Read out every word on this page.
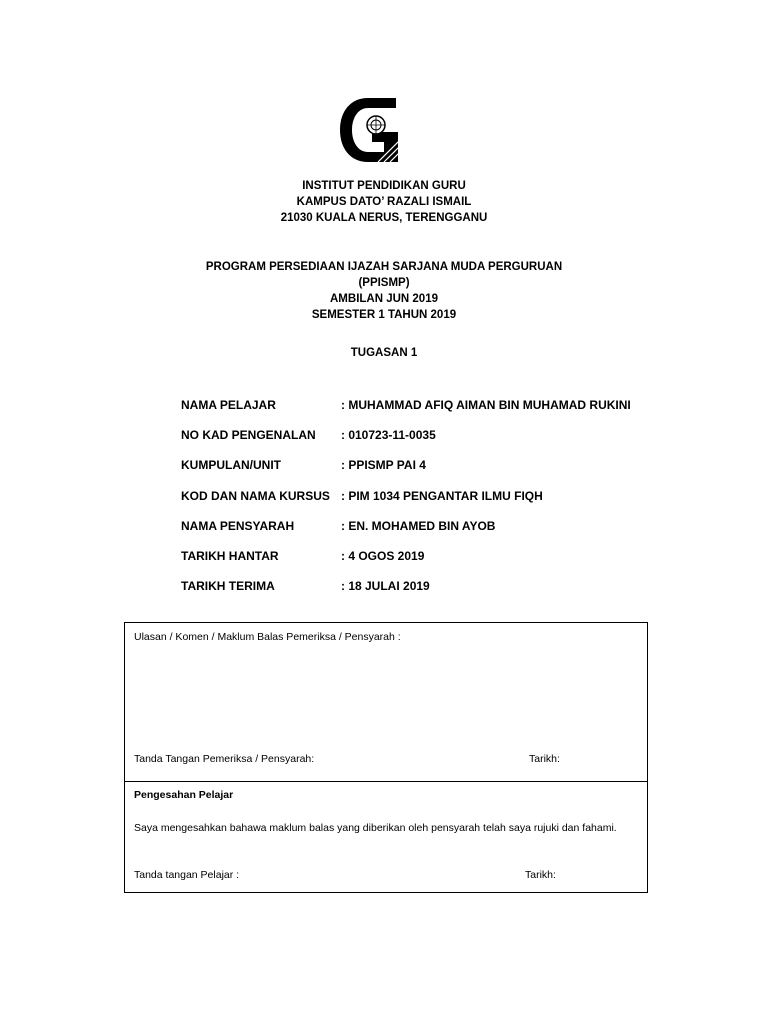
INSTITUT PENDIDIKAN GURU
KAMPUS DATO’ RAZALI ISMAIL
21030 KUALA NERUS, TERENGGANU
PROGRAM PERSEDIAAN IJAZAH SARJANA MUDA PERGURUAN
(PPISMP)
AMBILAN JUN 2019
SEMESTER 1 TAHUN 2019
TUGASAN 1
NAMA PELAJAR	: MUHAMMAD AFIQ AIMAN BIN MUHAMAD RUKINI
NO KAD PENGENALAN : 010723-11-0035
KUMPULAN/UNIT	: PPISMP PAI 4
KOD DAN NAMA KURSUS : PIM 1034 PENGANTAR ILMU FIQH
NAMA PENSYARAH	: EN. MOHAMED BIN AYOB
TARIKH HANTAR	: 4 OGOS 2019
TARIKH TERIMA	: 18 JULAI 2019
Ulasan / Komen / Maklum Balas Pemeriksa / Pensyarah :
Tanda Tangan Pemeriksa / Pensyarah:	Tarikh:
Pengesahan Pelajar
Saya mengesahkan bahawa maklum balas yang diberikan oleh pensyarah telah saya rujuki dan fahami.
Tanda tangan Pelajar :	Tarikh:
